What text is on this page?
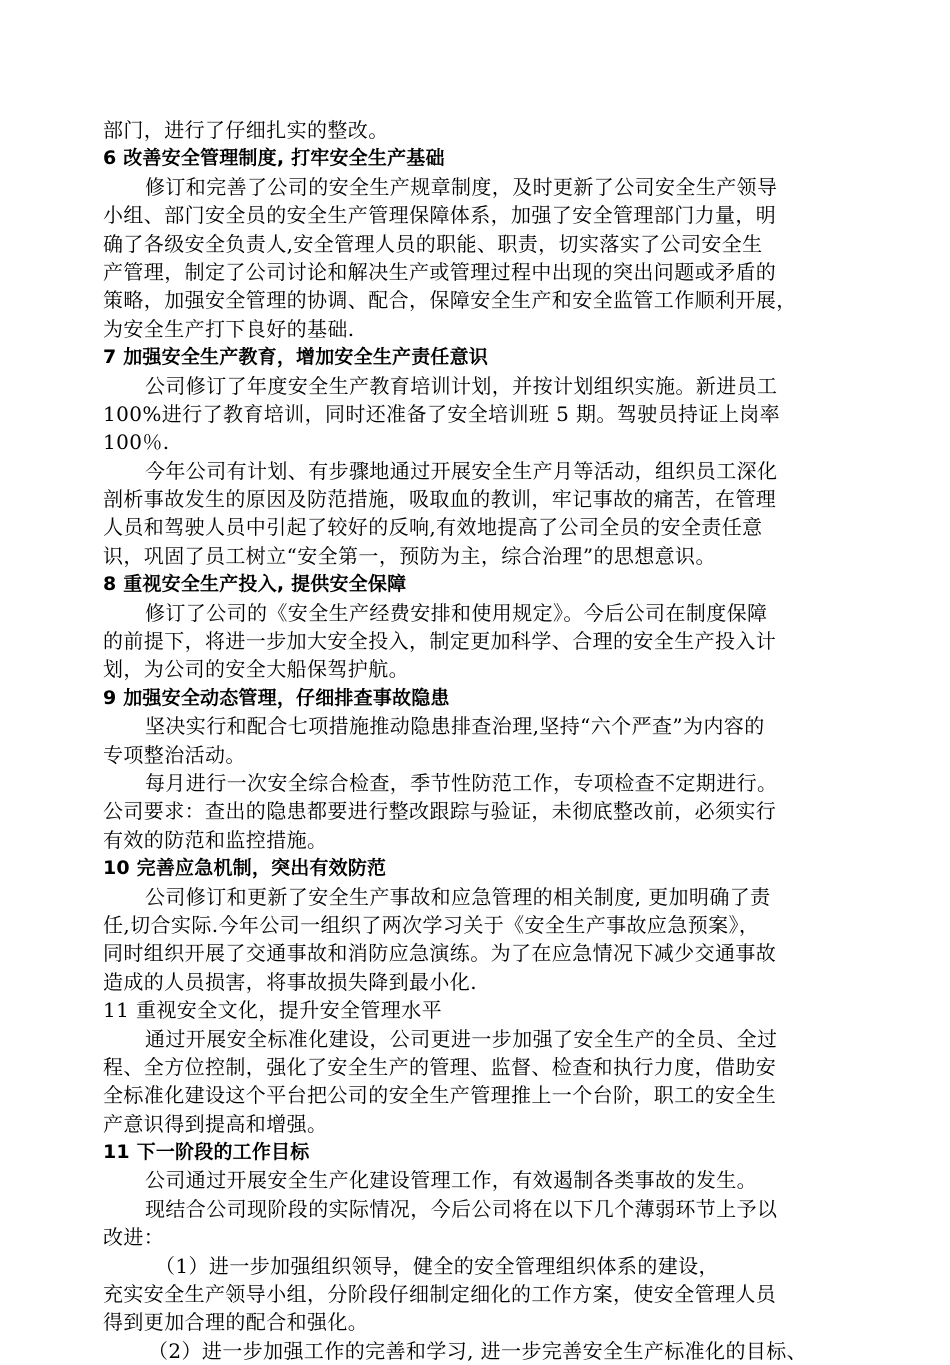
部门，进行了仔细扎实的整改。
6 改善安全管理制度, 打牢安全生产基础
修订和完善了公司的安全生产规章制度，及时更新了公司安全生产领导
小组、部门安全员的安全生产管理保障体系，加强了安全管理部门力量，明
确了各级安全负责人,安全管理人员的职能、职责，切实落实了公司安全生
产管理，制定了公司讨论和解决生产或管理过程中出现的突出问题或矛盾的
策略，加强安全管理的协调、配合，保障安全生产和安全监管工作顺利开展，
为安全生产打下良好的基础.
7 加强安全生产教育，增加安全生产责任意识
公司修订了年度安全生产教育培训计划，并按计划组织实施。新进员工
100%进行了教育培训，同时还准备了安全培训班 5 期。驾驶员持证上岗率
100％.
今年公司有计划、有步骤地通过开展安全生产月等活动，组织员工深化
剖析事故发生的原因及防范措施，吸取血的教训，牢记事故的痛苦，在管理
人员和驾驶人员中引起了较好的反响,有效地提高了公司全员的安全责任意
识，巩固了员工树立“安全第一，预防为主，综合治理”的思想意识。
8 重视安全生产投入, 提供安全保障
修订了公司的《安全生产经费安排和使用规定》。今后公司在制度保障
的前提下，将进一步加大安全投入，制定更加科学、合理的安全生产投入计
划，为公司的安全大船保驾护航。
9 加强安全动态管理，仔细排查事故隐患
坚决实行和配合七项措施推动隐患排查治理,坚持“六个严查”为内容的
专项整治活动。
每月进行一次安全综合检查，季节性防范工作，专项检查不定期进行。
公司要求：查出的隐患都要进行整改跟踪与验证，未彻底整改前，必须实行
有效的防范和监控措施。
10 完善应急机制，突出有效防范
公司修订和更新了安全生产事故和应急管理的相关制度, 更加明确了责
任,切合实际.今年公司一组织了两次学习关于《安全生产事故应急预案》，
同时组织开展了交通事故和消防应急演练。为了在应急情况下减少交通事故
造成的人员损害，将事故损失降到最小化.
11 重视安全文化，提升安全管理水平
通过开展安全标准化建设，公司更进一步加强了安全生产的全员、全过
程、全方位控制，强化了安全生产的管理、监督、检查和执行力度，借助安
全标准化建设这个平台把公司的安全生产管理推上一个台阶，职工的安全生
产意识得到提高和增强。
11 下一阶段的工作目标
公司通过开展安全生产化建设管理工作，有效遏制各类事故的发生。
现结合公司现阶段的实际情况，今后公司将在以下几个薄弱环节上予以
改进：
（1）进一步加强组织领导，健全的安全管理组织体系的建设，
充实安全生产领导小组，分阶段仔细制定细化的工作方案，使安全管理人员
得到更加合理的配合和强化。
（2）进一步加强工作的完善和学习, 进一步完善安全生产标准化的目标、
